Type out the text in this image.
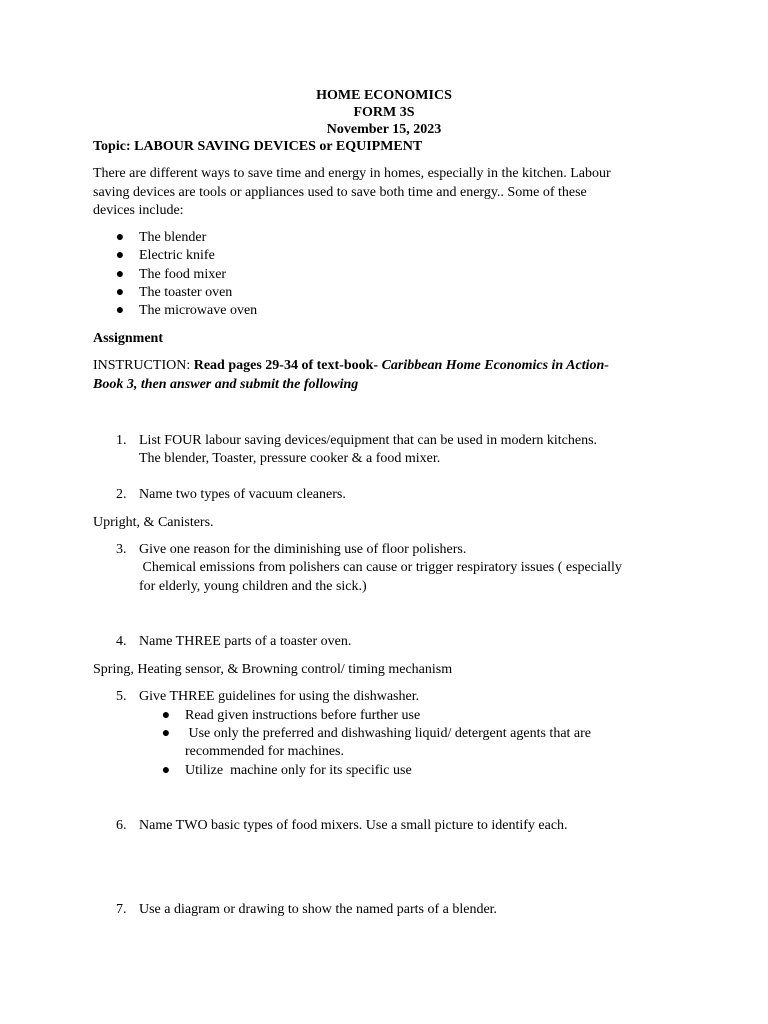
HOME ECONOMICS
FORM 3S
November 15, 2023
Topic: LABOUR SAVING DEVICES or EQUIPMENT
There are different ways to save time and energy in homes, especially in the kitchen. Labour
saving devices are tools or appliances used to save both time and energy.. Some of these
devices include:
● The blender
● Electric knife
● The food mixer
● The toaster oven
● The microwave oven
Assignment
INSTRUCTION: Read pages 29-34 of text-book- Caribbean Home Economics in Action-
Book 3, then answer and submit the following
1. List FOUR labour saving devices/equipment that can be used in modern kitchens.
The blender, Toaster, pressure cooker & a food mixer.
2. Name two types of vacuum cleaners.
Upright, & Canisters.
3. Give one reason for the diminishing use of floor polishers.
Chemical emissions from polishers can cause or trigger respiratory issues ( especially
for elderly, young children and the sick.)
4. Name THREE parts of a toaster oven.
Spring, Heating sensor, & Browning control/ timing mechanism
5. Give THREE guidelines for using the dishwasher.
● Read given instructions before further use
● Use only the preferred and dishwashing liquid/ detergent agents that are
recommended for machines.
● Utilize  machine only for its specific use
6. Name TWO basic types of food mixers. Use a small picture to identify each.
7. Use a diagram or drawing to show the named parts of a blender.
